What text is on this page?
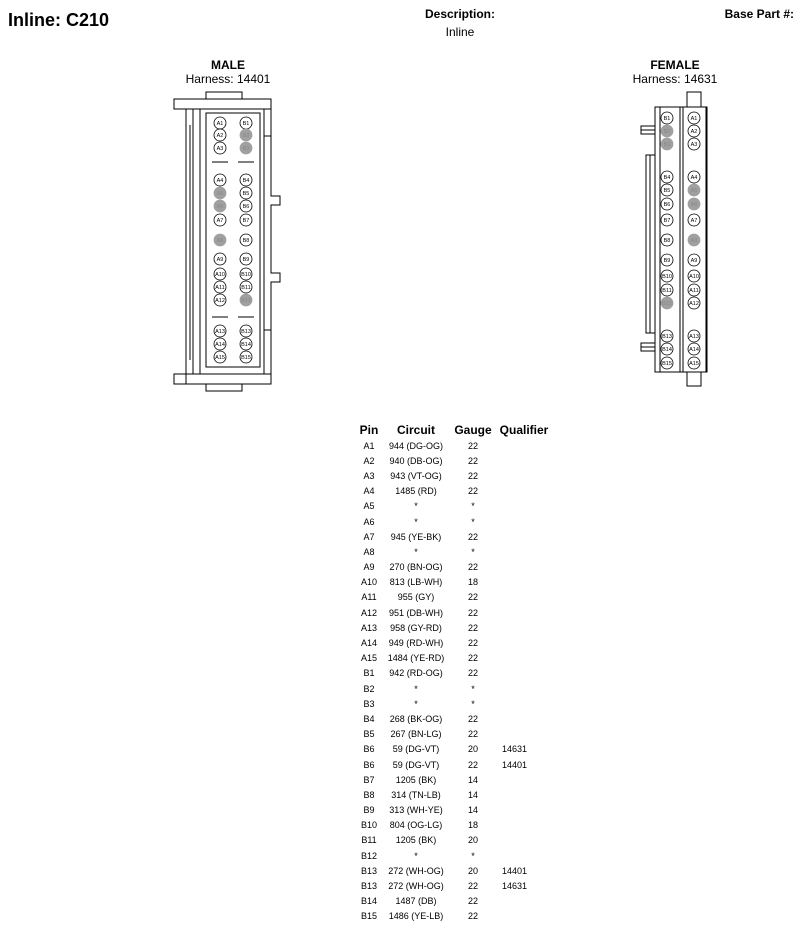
Inline: C210	Description:
Inline
Base Part #:
MALE
Harness: 14401
FEMALE
Harness: 14631
A1	B1
A2	B2
A3	B3
A4	B4
A5	B5
A6	B6
A7	B7
A8	B8
A9	B9
A10	B10
A11	B11
A12	B12
A13	B13
A14	B14
A15	B15
A1
B1
A2
B2
A3
B3
A4
B4
A5
B5
A6
B6
A7
B7
A8
B8
A9
B9
A10
B10
A11
B11
A12
B12
A13
B13
A14
B14
A15
B15
Pin	Circuit	Gauge	Qualifier
A1	944 (DG-OG)	22	
A2	940 (DB-OG)	22	
A3	943 (VT-OG)	22	
A4	1485 (RD)	22	
A5	*	*	
A6	*	*	
A7	945 (YE-BK)	22	
A8	*	*	
A9	270 (BN-OG)	22	
A10	813 (LB-WH)	18	
A11	955 (GY)	22	
A12	951 (DB-WH)	22	
A13	958 (GY-RD)	22	
A14	949 (RD-WH)	22	
A15	1484 (YE-RD)	22	
B1	942 (RD-OG)	22	
B2	*	*	
B3	*	*	
B4	268 (BK-OG)	22	
B5	267 (BN-LG)	22	
B6	59 (DG-VT)	20	14631
B6	59 (DG-VT)	22	14401
B7	1205 (BK)	14	
B8	314 (TN-LB)	14	
B9	313 (WH-YE)	14	
B10	804 (OG-LG)	18	
B11	1205 (BK)	20	
B12	*	*	
B13	272 (WH-OG)	20	14401
B13	272 (WH-OG)	22	14631
B14	1487 (DB)	22	
B15	1486 (YE-LB)	22	
